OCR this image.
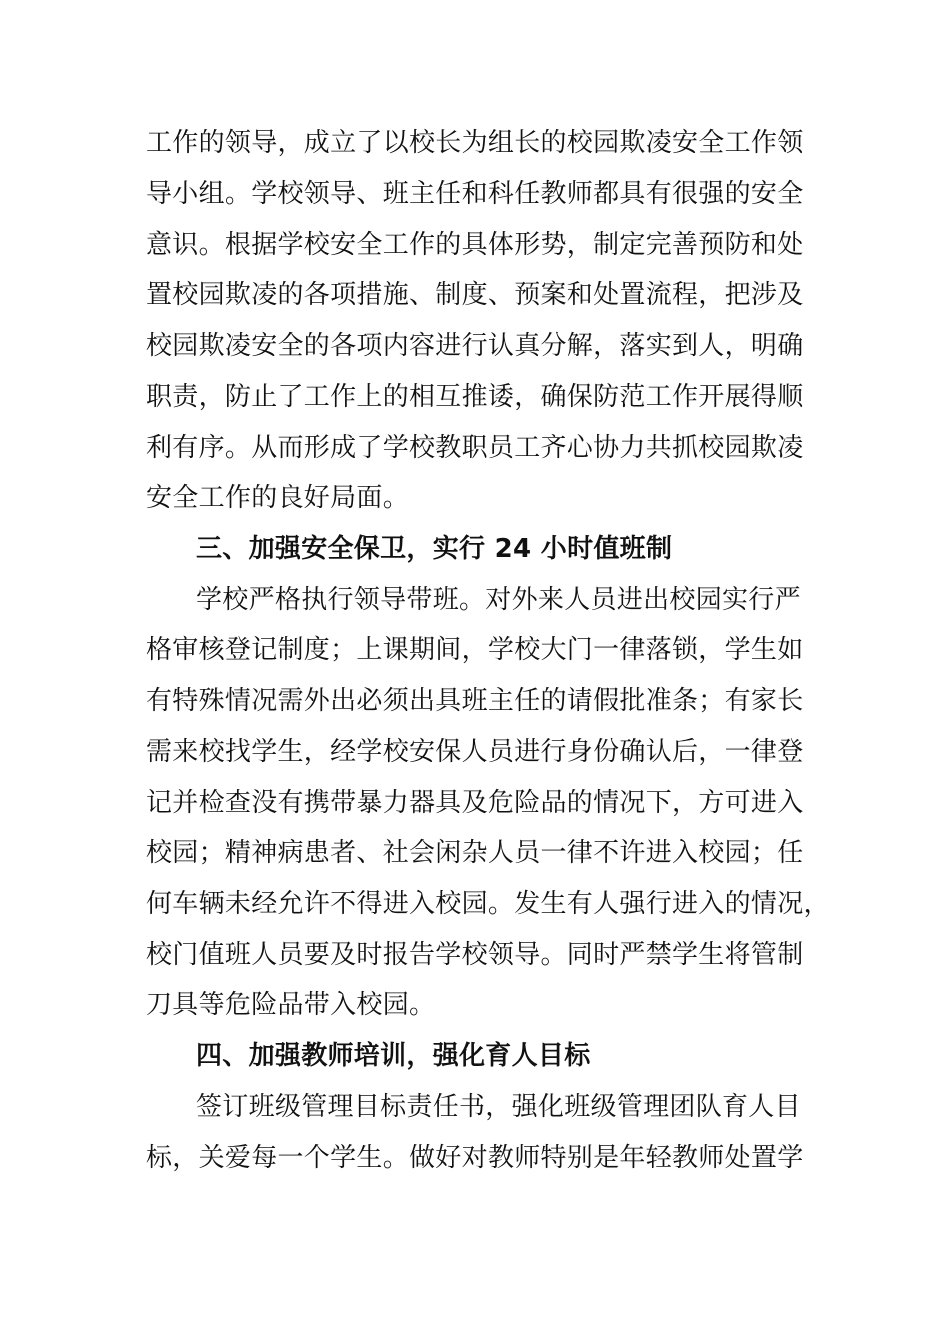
工作的领导，成立了以校长为组长的校园欺凌安全工作领
导小组。学校领导、班主任和科任教师都具有很强的安全
意识。根据学校安全工作的具体形势，制定完善预防和处
置校园欺凌的各项措施、制度、预案和处置流程，把涉及
校园欺凌安全的各项内容进行认真分解，落实到人，明确
职责，防止了工作上的相互推诿，确保防范工作开展得顺
利有序。从而形成了学校教职员工齐心协力共抓校园欺凌
安全工作的良好局面。
三、加强安全保卫，实行 24 小时值班制
学校严格执行领导带班。对外来人员进出校园实行严
格审核登记制度；上课期间，学校大门一律落锁，学生如
有特殊情况需外出必须出具班主任的请假批准条；有家长
需来校找学生，经学校安保人员进行身份确认后，一律登
记并检查没有携带暴力器具及危险品的情况下，方可进入
校园；精神病患者、社会闲杂人员一律不许进入校园；任
何车辆未经允许不得进入校园。发生有人强行进入的情况，
校门值班人员要及时报告学校领导。同时严禁学生将管制
刀具等危险品带入校园。
四、加强教师培训，强化育人目标
签订班级管理目标责任书，强化班级管理团队育人目
标，关爱每一个学生。做好对教师特别是年轻教师处置学
